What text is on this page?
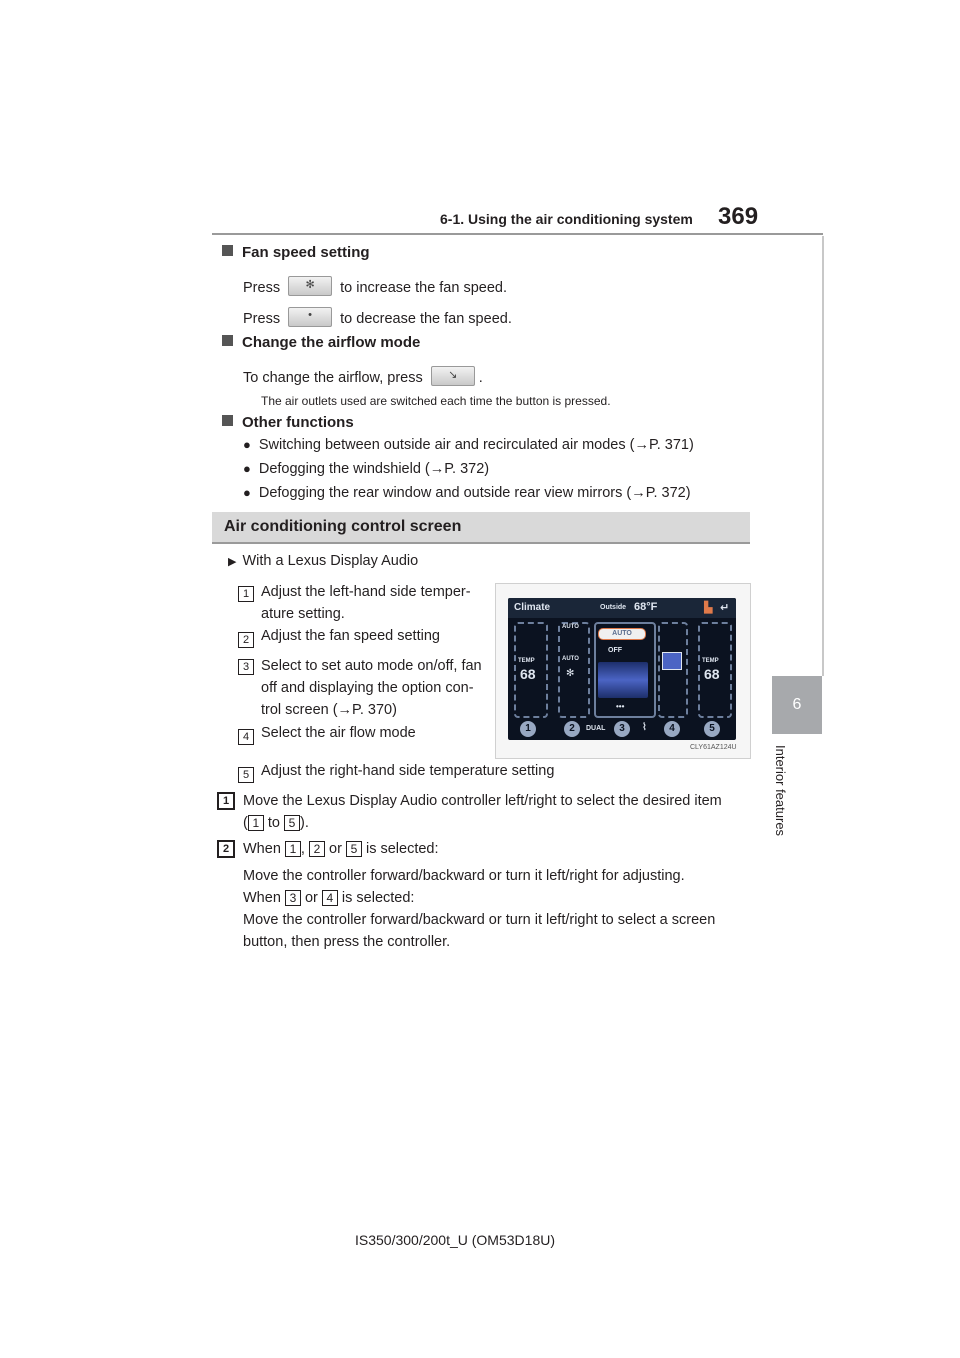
6-1. Using the air conditioning system 369
6
Interior features
Fan speed setting
Press	✻	to increase the fan speed.
Press	•	to decrease the fan speed.
Change the airflow mode
To change the airflow, press	↘	.
The air outlets used are switched each time the button is pressed.
Other functions
● Switching between outside air and recirculated air modes (→P. 371)
● Defogging the windshield (→P. 372)
● Defogging the rear window and outside rear view mirrors (→P. 372)
Air conditioning control screen
▶ With a Lexus Display Audio
1 Adjust the left-hand side temper-
ature setting.
2 Adjust the fan speed setting
3 Select to set auto mode on/off, fan
off and displaying the option con-
trol screen (→P. 370)
4 Select the air flow mode
5 Adjust the right-hand side temperature setting
Climate	Outside 68°F	▙ ↵
TEMP
68
AUTO
AUTO
✻
AUTO
OFF
•••
TEMP
68
1	2	DUAL	3	⌇	4	5
CLY61AZ124U
1 Move the Lexus Display Audio controller left/right to select the desired item
( 1 to 5 ).
2 When 1 , 2 or 5 is selected:
Move the controller forward/backward or turn it left/right for adjusting.
When 3 or 4 is selected:
Move the controller forward/backward or turn it left/right to select a screen
button, then press the controller.
IS350/300/200t_U (OM53D18U)
